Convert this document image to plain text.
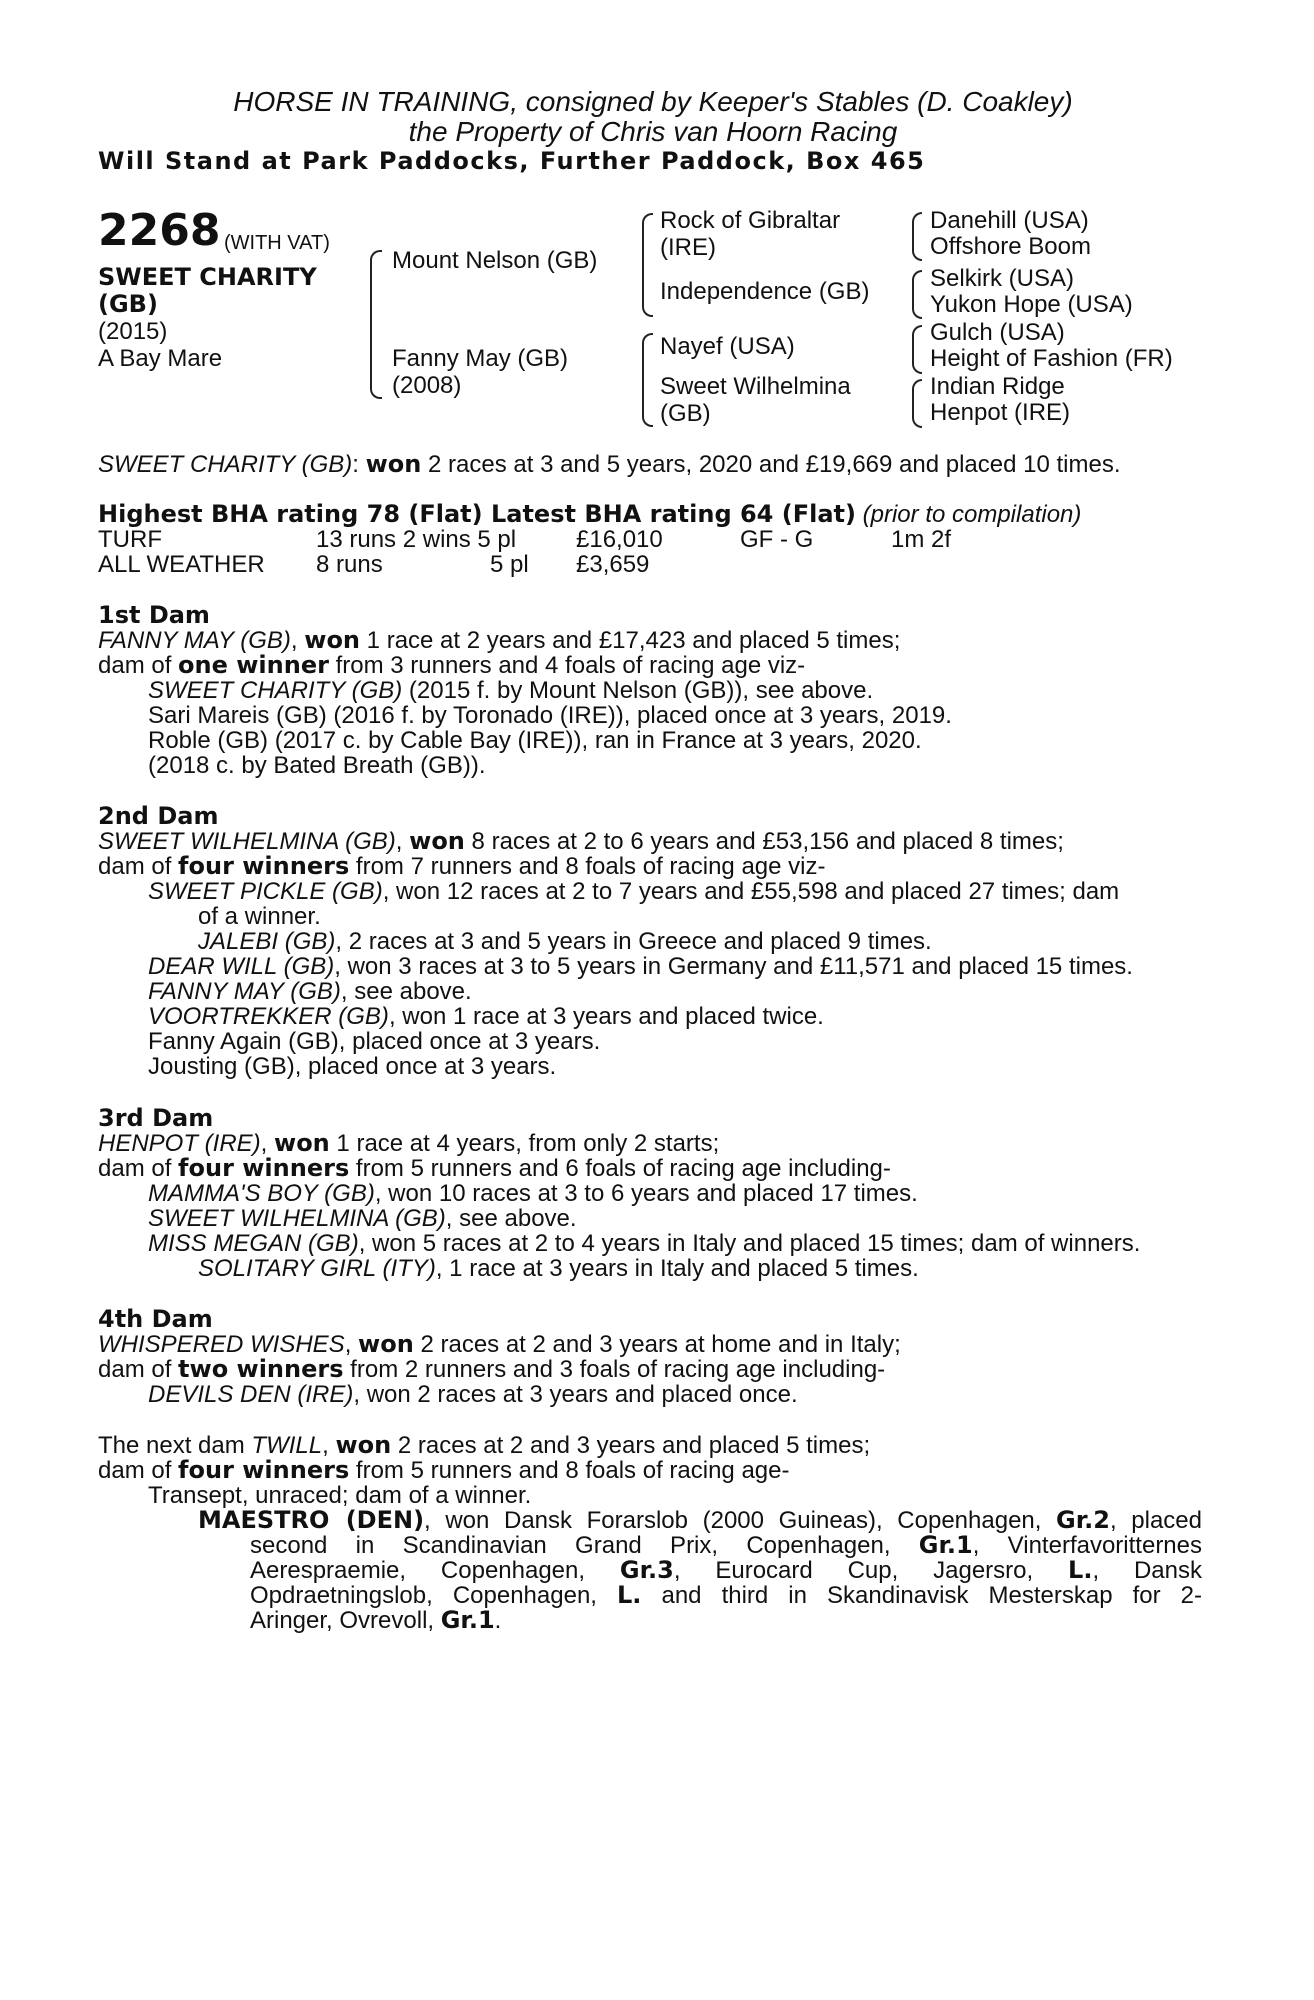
HORSE IN TRAINING, consigned by Keeper's Stables (D. Coakley)
the Property of Chris van Hoorn Racing
Will Stand at Park Paddocks, Further Paddock, Box 465
2268 (WITH VAT)
SWEET CHARITY
(GB)
(2015)
A Bay Mare
Mount Nelson (GB)
Fanny May (GB)
(2008)
Rock of Gibraltar
(IRE)
Independence (GB)
Nayef (USA)
Sweet Wilhelmina
(GB)
Danehill (USA)
Offshore Boom
Selkirk (USA)
Yukon Hope (USA)
Gulch (USA)
Height of Fashion (FR)
Indian Ridge
Henpot (IRE)
SWEET CHARITY (GB): won 2 races at 3 and 5 years, 2020 and £19,669 and placed 10 times.
Highest BHA rating 78 (Flat) Latest BHA rating 64 (Flat) (prior to compilation)
TURF	13 runs 2 wins 5 pl £16,010	GF - G	1m 2f
ALL WEATHER 8 runs	5 pl £3,659
1st Dam
FANNY MAY (GB), won 1 race at 2 years and £17,423 and placed 5 times;
dam of one winner from 3 runners and 4 foals of racing age viz-
SWEET CHARITY (GB) (2015 f. by Mount Nelson (GB)), see above.
Sari Mareis (GB) (2016 f. by Toronado (IRE)), placed once at 3 years, 2019.
Roble (GB) (2017 c. by Cable Bay (IRE)), ran in France at 3 years, 2020.
(2018 c. by Bated Breath (GB)).
2nd Dam
SWEET WILHELMINA (GB), won 8 races at 2 to 6 years and £53,156 and placed 8 times;
dam of four winners from 7 runners and 8 foals of racing age viz-
SWEET PICKLE (GB), won 12 races at 2 to 7 years and £55,598 and placed 27 times; dam
of a winner.
JALEBI (GB), 2 races at 3 and 5 years in Greece and placed 9 times.
DEAR WILL (GB), won 3 races at 3 to 5 years in Germany and £11,571 and placed 15 times.
FANNY MAY (GB), see above.
VOORTREKKER (GB), won 1 race at 3 years and placed twice.
Fanny Again (GB), placed once at 3 years.
Jousting (GB), placed once at 3 years.
3rd Dam
HENPOT (IRE), won 1 race at 4 years, from only 2 starts;
dam of four winners from 5 runners and 6 foals of racing age including-
MAMMA'S BOY (GB), won 10 races at 3 to 6 years and placed 17 times.
SWEET WILHELMINA (GB), see above.
MISS MEGAN (GB), won 5 races at 2 to 4 years in Italy and placed 15 times; dam of winners.
SOLITARY GIRL (ITY), 1 race at 3 years in Italy and placed 5 times.
4th Dam
WHISPERED WISHES, won 2 races at 2 and 3 years at home and in Italy;
dam of two winners from 2 runners and 3 foals of racing age including-
DEVILS DEN (IRE), won 2 races at 3 years and placed once.
The next dam TWILL, won 2 races at 2 and 3 years and placed 5 times;
dam of four winners from 5 runners and 8 foals of racing age-
Transept, unraced; dam of a winner.
MAESTRO (DEN), won Dansk Forarslob (2000 Guineas), Copenhagen, Gr.2, placed
second in Scandinavian Grand Prix, Copenhagen, Gr.1, Vinterfavoritternes
Aerespraemie, Copenhagen, Gr.3, Eurocard Cup, Jagersro, L., Dansk
Opdraetningslob, Copenhagen, L. and third in Skandinavisk Mesterskap for 2-
Aringer, Ovrevoll, Gr.1.
